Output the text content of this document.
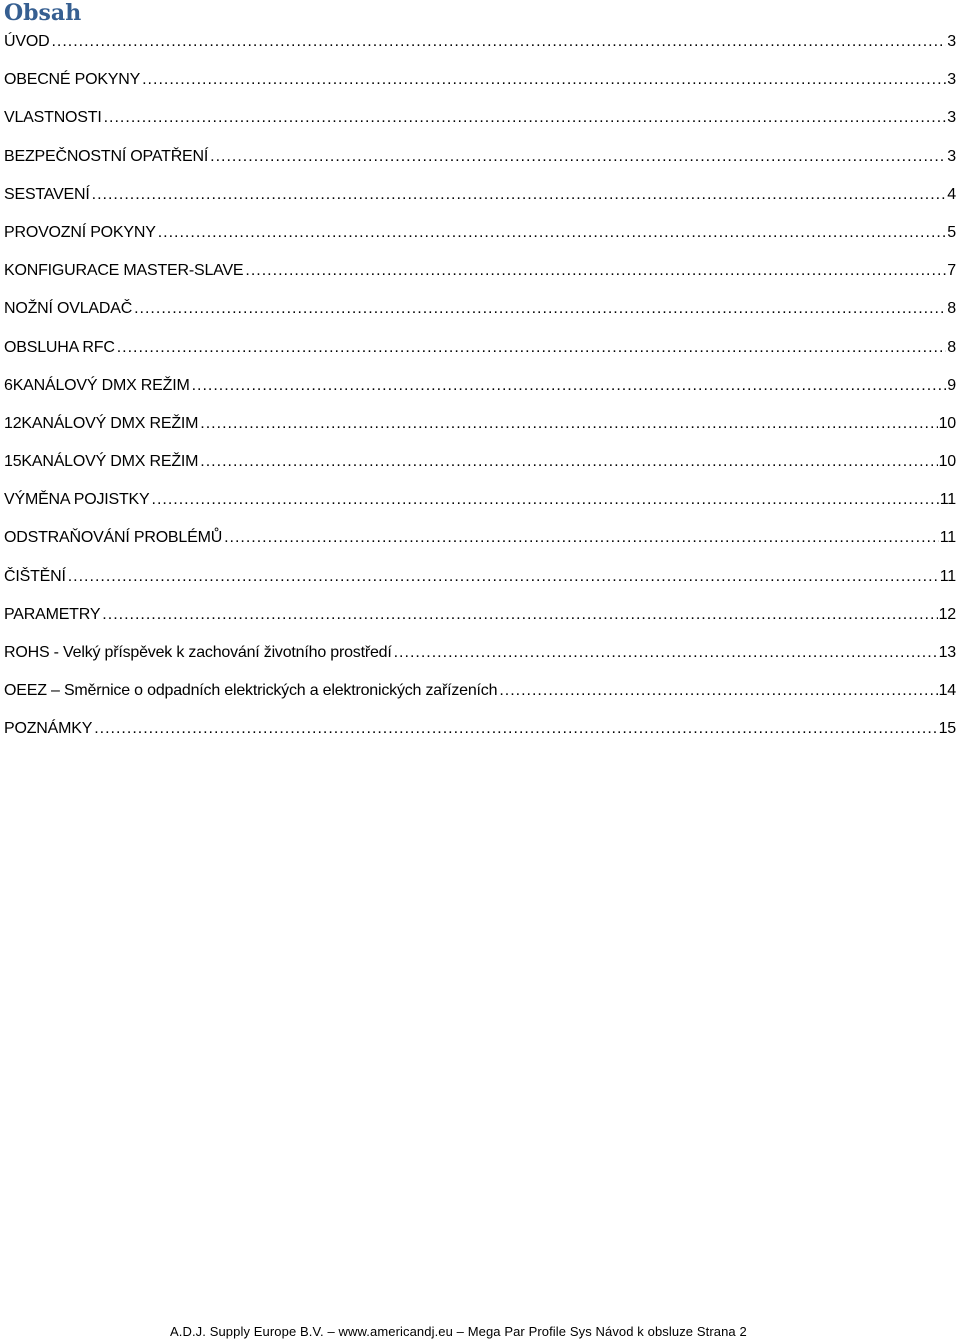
Obsah
ÚVOD .....	3
OBECNÉ POKYNY .....	3
VLASTNOSTI .....	3
BEZPEČNOSTNÍ OPATŘENÍ .....	3
SESTAVENÍ .....	4
PROVOZNÍ POKYNY .....	5
KONFIGURACE MASTER-SLAVE .....	7
NOŽNÍ OVLADAČ .....	8
OBSLUHA RFC .....	8
6KANÁLOVÝ DMX REŽIM .....	9
12KANÁLOVÝ DMX REŽIM .....	10
15KANÁLOVÝ DMX REŽIM .....	10
VÝMĚNA POJISTKY .....	11
ODSTRAŇOVÁNÍ PROBLÉMŮ .....	11
ČIŠTĚNÍ .....	11
PARAMETRY .....	12
ROHS - Velký příspěvek k zachování životního prostředí .....	13
OEEZ – Směrnice o odpadních elektrických a elektronických zařízeních .....	14
POZNÁMKY .....	15

A.D.J. Supply Europe B.V. – www.americandj.eu – Mega Par Profile Sys Návod k obsluze Strana 2
